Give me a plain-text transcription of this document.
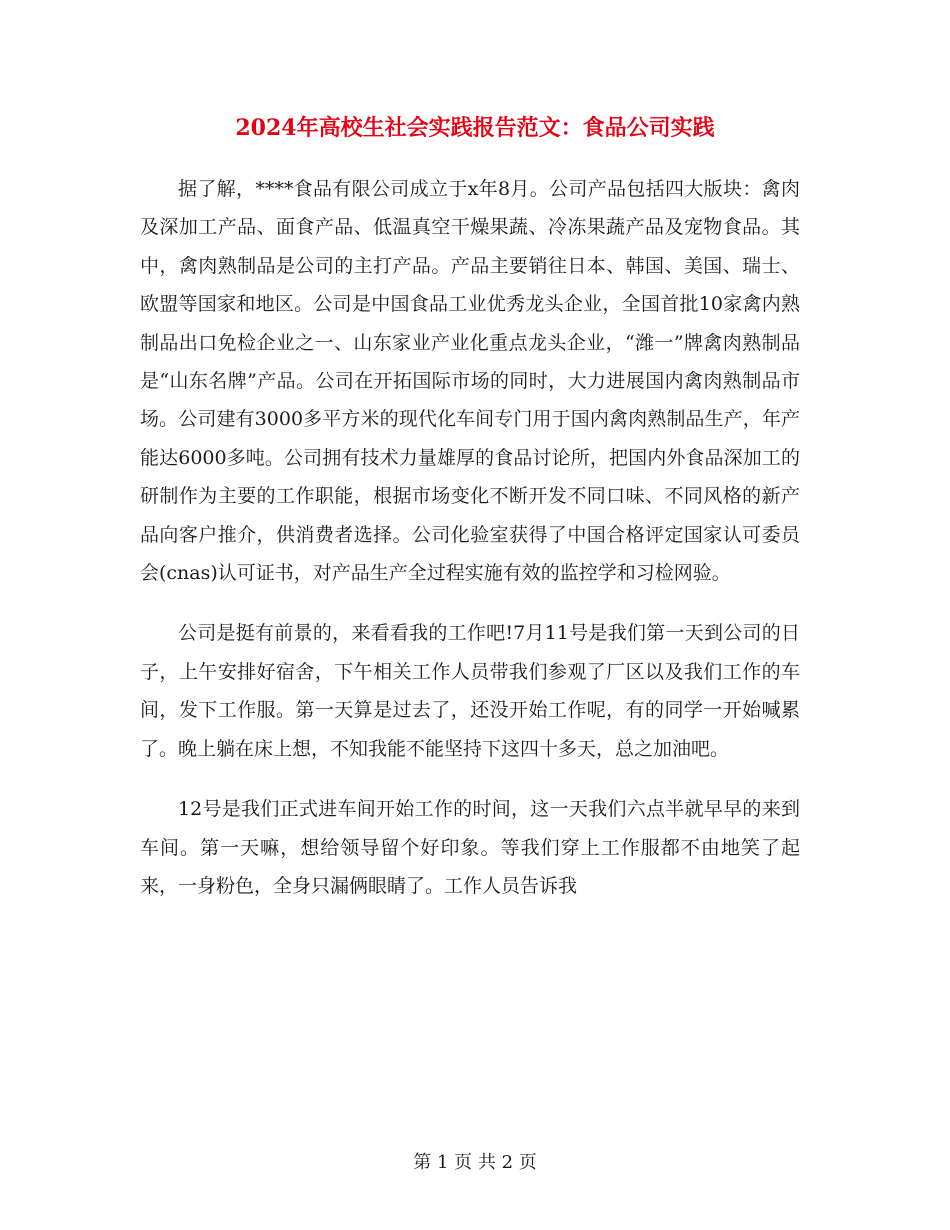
2024年高校生社会实践报告范文：食品公司实践

据了解，****食品有限公司成立于x年8月。公司产品包括四大版块：禽肉及深加工产品、面食产品、低温真空干燥果蔬、冷冻果蔬产品及宠物食品。其中，禽肉熟制品是公司的主打产品。产品主要销往日本、韩国、美国、瑞士、欧盟等国家和地区。公司是中国食品工业优秀龙头企业，全国首批10家禽内熟制品出口免检企业之一、山东家业产业化重点龙头企业，“潍一”牌禽肉熟制品是“山东名牌”产品。公司在开拓国际市场的同时，大力进展国内禽肉熟制品市场。公司建有3000多平方米的现代化车间专门用于国内禽肉熟制品生产，年产能达6000多吨。公司拥有技术力量雄厚的食品讨论所，把国内外食品深加工的研制作为主要的工作职能，根据市场变化不断开发不同口味、不同风格的新产品向客户推介，供消费者选择。公司化验室获得了中国合格评定国家认可委员会(cnas)认可证书，对产品生产全过程实施有效的监控学和习检网验。

公司是挺有前景的，来看看我的工作吧!7月11号是我们第一天到公司的日子，上午安排好宿舍，下午相关工作人员带我们参观了厂区以及我们工作的车间，发下工作服。第一天算是过去了，还没开始工作呢，有的同学一开始喊累了。晚上躺在床上想，不知我能不能坚持下这四十多天，总之加油吧。

12号是我们正式进车间开始工作的时间，这一天我们六点半就早早的来到车间。第一天嘛，想给领导留个好印象。等我们穿上工作服都不由地笑了起来，一身粉色，全身只漏俩眼睛了。工作人员告诉我

第 1 页 共 2 页
